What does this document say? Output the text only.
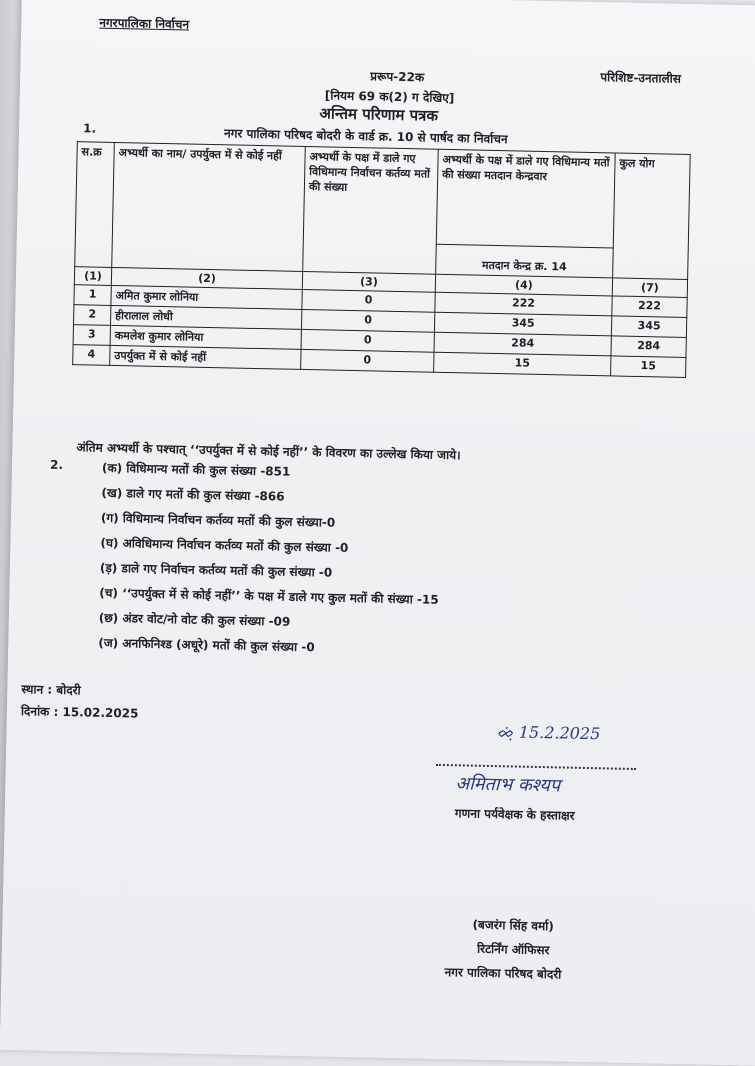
नगरपालिका निर्वाचन
प्ररूप-22क	परिशिष्ट-उनतालीस
[नियम 69 क(2) ग देखिए]
अन्तिम परिणाम पत्रक
1.	नगर पालिका परिषद बोदरी के वार्ड क्र. 10 से पार्षद का निर्वाचन
स.क्र	अभ्यर्थी का नाम/ उपर्युक्त में से कोई नहीं	अभ्यर्थी के पक्ष में डाले गए विधिमान्य निर्वाचन कर्तव्य मतों की संख्या	अभ्यर्थी के पक्ष में डाले गए विधिमान्य मतों की संख्या मतदान केन्द्रवार	कुल योग
			मतदान केन्द्र क्र. 14	
(1)	(2)	(3)	(4)	(7)
1	अमित कुमार लोनिया	0	222	222
2	हीरालाल लोधी	0	345	345
3	कमलेश कुमार लोनिया	0	284	284
4	उपर्युक्त में से कोई नहीं	0	15	15
अंतिम अभ्यर्थी के पश्चात् ‘‘उपर्युक्त में से कोई नहीं’’ के विवरण का उल्लेख किया जाये।
2.	(क) विधिमान्य मतों की कुल संख्या -851
(ख) डाले गए मतों की कुल संख्या -866
(ग) विधिमान्य निर्वाचन कर्तव्य मतों की कुल संख्या-0
(घ) अविधिमान्य निर्वाचन कर्तव्य मतों की कुल संख्या -0
(ड़) डाले गए निर्वाचन कर्तव्य मतों की कुल संख्या -0
(च) ‘‘उपर्युक्त में से कोई नहीं’’ के पक्ष में डाले गए कुल मतों की संख्या -15
(छ) अंडर वोट/नो वोट की कुल संख्या -09
(ज) अनफिनिश्ड (अधूरे) मतों की कुल संख्या -0
स्थान : बोदरी
दिनांक : 15.02.2025
ᨖᨘᨗ 15.2.2025
अमिताभ कश्यप
गणना पर्यवेक्षक के हस्ताक्षर
(बजरंग सिंह वर्मा)
रिटर्निंग ऑफिसर
नगर पालिका परिषद बोदरी
